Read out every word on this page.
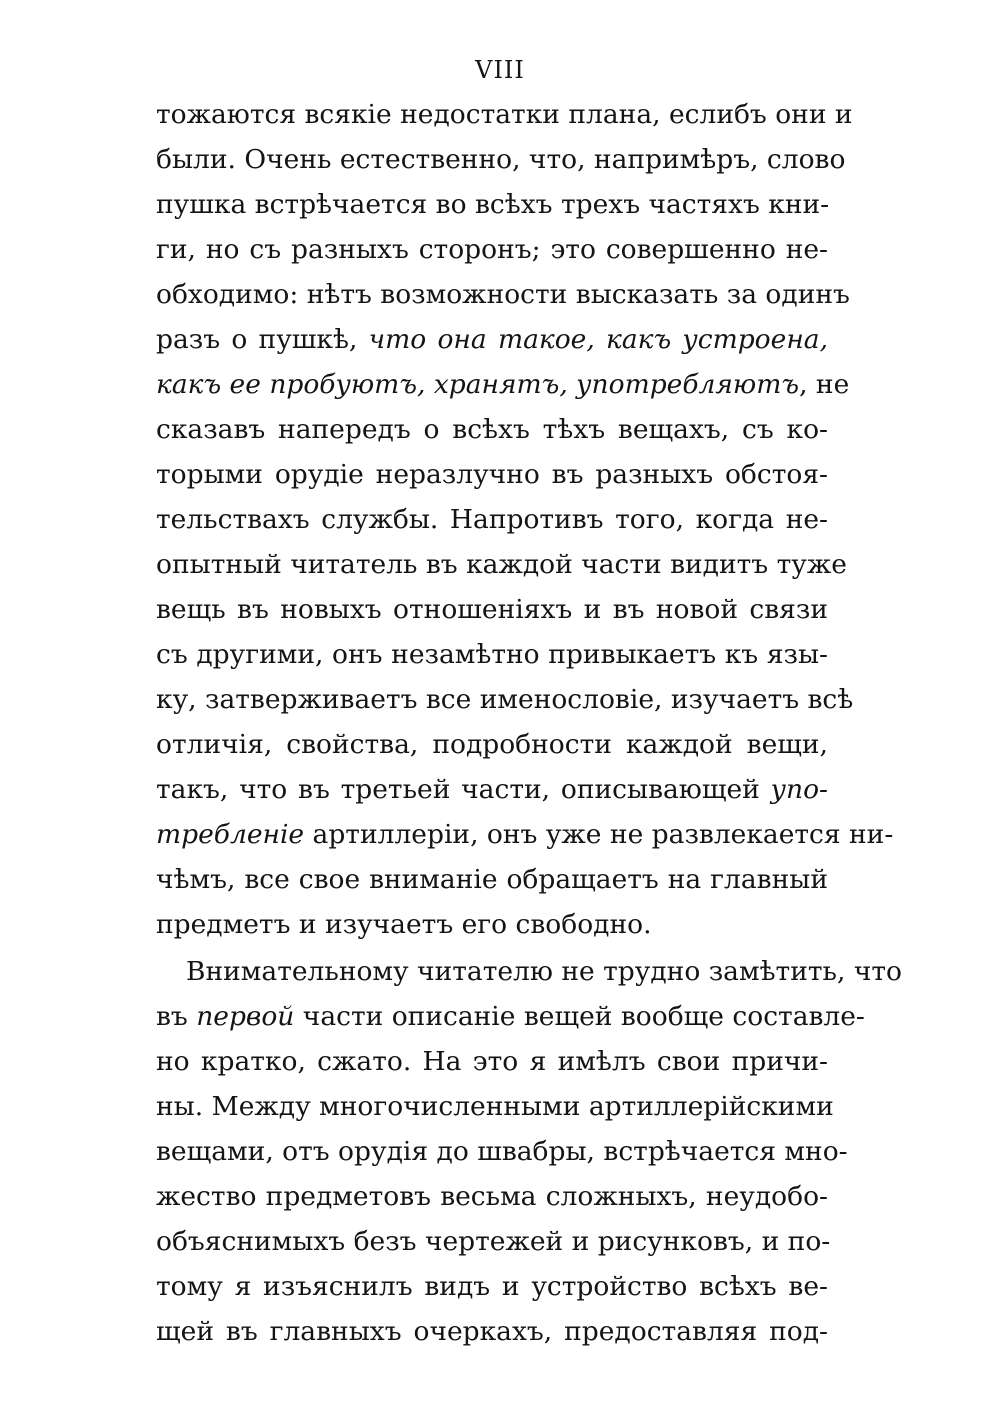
VIII
тожаются всякіе недостатки плана, еслибъ они и
были. Очень естественно, что, напримѣръ, слово
пушка встрѣчается во всѣхъ трехъ частяхъ кни-
ги, но съ разныхъ сторонъ; это совершенно не-
обходимо: нѣтъ возможности высказать за одинъ
разъ о пушкѣ, что она такое, какъ устроена,
какъ ее пробуютъ, хранятъ, употребляютъ, не
сказавъ напередъ о всѣхъ тѣхъ вещахъ, съ ко-
торыми орудіе неразлучно въ разныхъ обстоя-
тельствахъ службы. Напротивъ того, когда не-
опытный читатель въ каждой части видитъ туже
вещь въ новыхъ отношеніяхъ и въ новой связи
съ другими, онъ незамѣтно привыкаетъ къ язы-
ку, затверживаетъ все именословіе, изучаетъ всѣ
отличія, свойства, подробности каждой вещи,
такъ, что въ третьей части, описывающей упо-
требленіе артиллеріи, онъ уже не развлекается ни-
чѣмъ, все свое вниманіе обращаетъ на главный
предметъ и изучаетъ его свободно.
Внимательному читателю не трудно замѣтить, что
въ первой части описаніе вещей вообще составле-
но кратко, сжато. На это я имѣлъ свои причи-
ны. Между многочисленными артиллерійскими
вещами, отъ орудія до швабры, встрѣчается мно-
жество предметовъ весьма сложныхъ, неудобо-
объяснимыхъ безъ чертежей и рисунковъ, и по-
тому я изъяснилъ видъ и устройство всѣхъ ве-
щей въ главныхъ очеркахъ, предоставляя под-
